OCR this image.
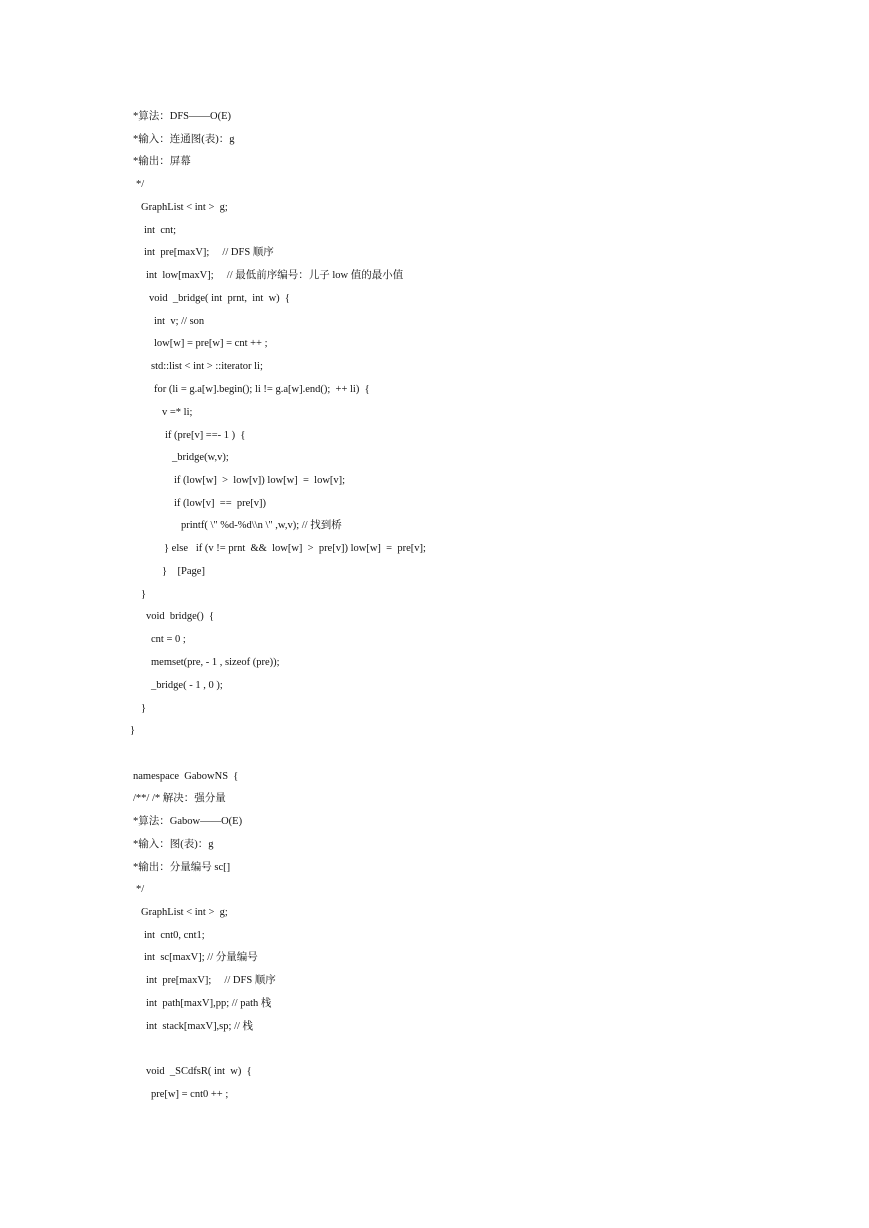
*算法：DFS——O(E)
*输入：连通图(表)：g
*输出：屏幕
*/
GraphList < int >  g;
int  cnt;
int  pre[maxV];     // DFS 顺序
int  low[maxV];     // 最低前序编号：儿子 low 值的最小值
void  _bridge( int  prnt,  int  w)  {
int  v; // son
low[w] = pre[w] = cnt ++ ;
std::list < int > ::iterator li;
for (li = g.a[w].begin(); li != g.a[w].end();  ++ li)  {
v =* li;
if (pre[v] ==- 1 )  {
_bridge(w,v);
if (low[w]  >  low[v]) low[w]  =  low[v];
if (low[v]  ==  pre[v])
printf( \" %d-%d\\n \" ,w,v); // 找到桥
} else   if (v != prnt  &&  low[w]  >  pre[v]) low[w]  =  pre[v];
}    [Page]
}
void  bridge()  {
cnt = 0 ;
memset(pre, - 1 , sizeof (pre));
_bridge( - 1 , 0 );
}
}
namespace  GabowNS  {
/**/ /* 解决：强分量
*算法：Gabow——O(E)
*输入：图(表)：g
*输出：分量编号 sc[]
*/
GraphList < int >  g;
int  cnt0, cnt1;
int  sc[maxV]; // 分量编号
int  pre[maxV];     // DFS 顺序
int  path[maxV],pp; // path 栈
int  stack[maxV],sp; // 栈
void  _SCdfsR( int  w)  {
pre[w] = cnt0 ++ ;
